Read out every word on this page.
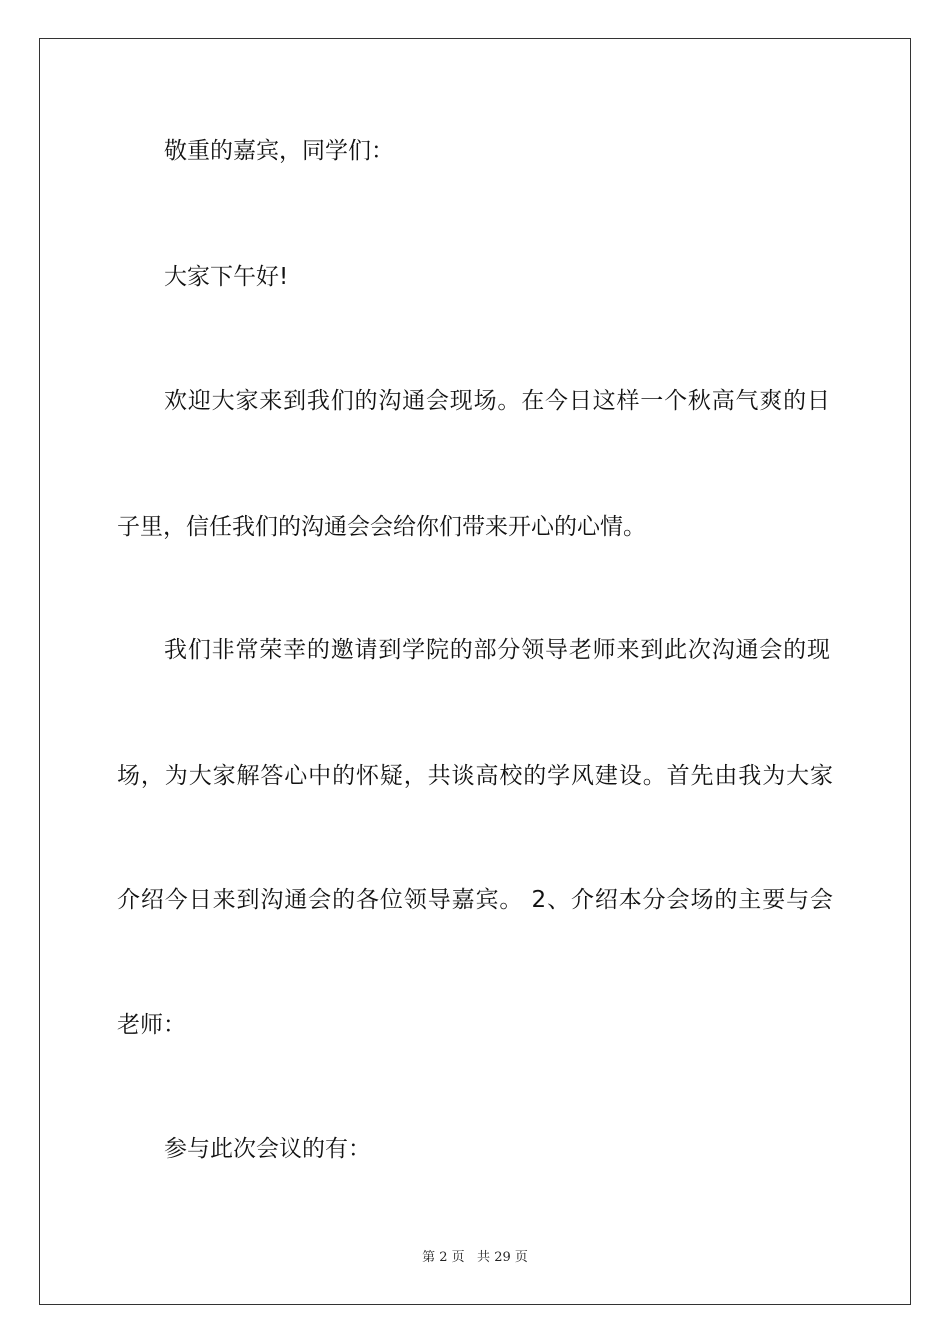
敬重的嘉宾，同学们：
大家下午好!
欢迎大家来到我们的沟通会现场。在今日这样一个秋高气爽的日
子里，信任我们的沟通会会给你们带来开心的心情。
我们非常荣幸的邀请到学院的部分领导老师来到此次沟通会的现
场，为大家解答心中的怀疑，共谈高校的学风建设。首先由我为大家
介绍今日来到沟通会的各位领导嘉宾。 2、介绍本分会场的主要与会
老师：
参与此次会议的有：
第 2 页   共 29 页
